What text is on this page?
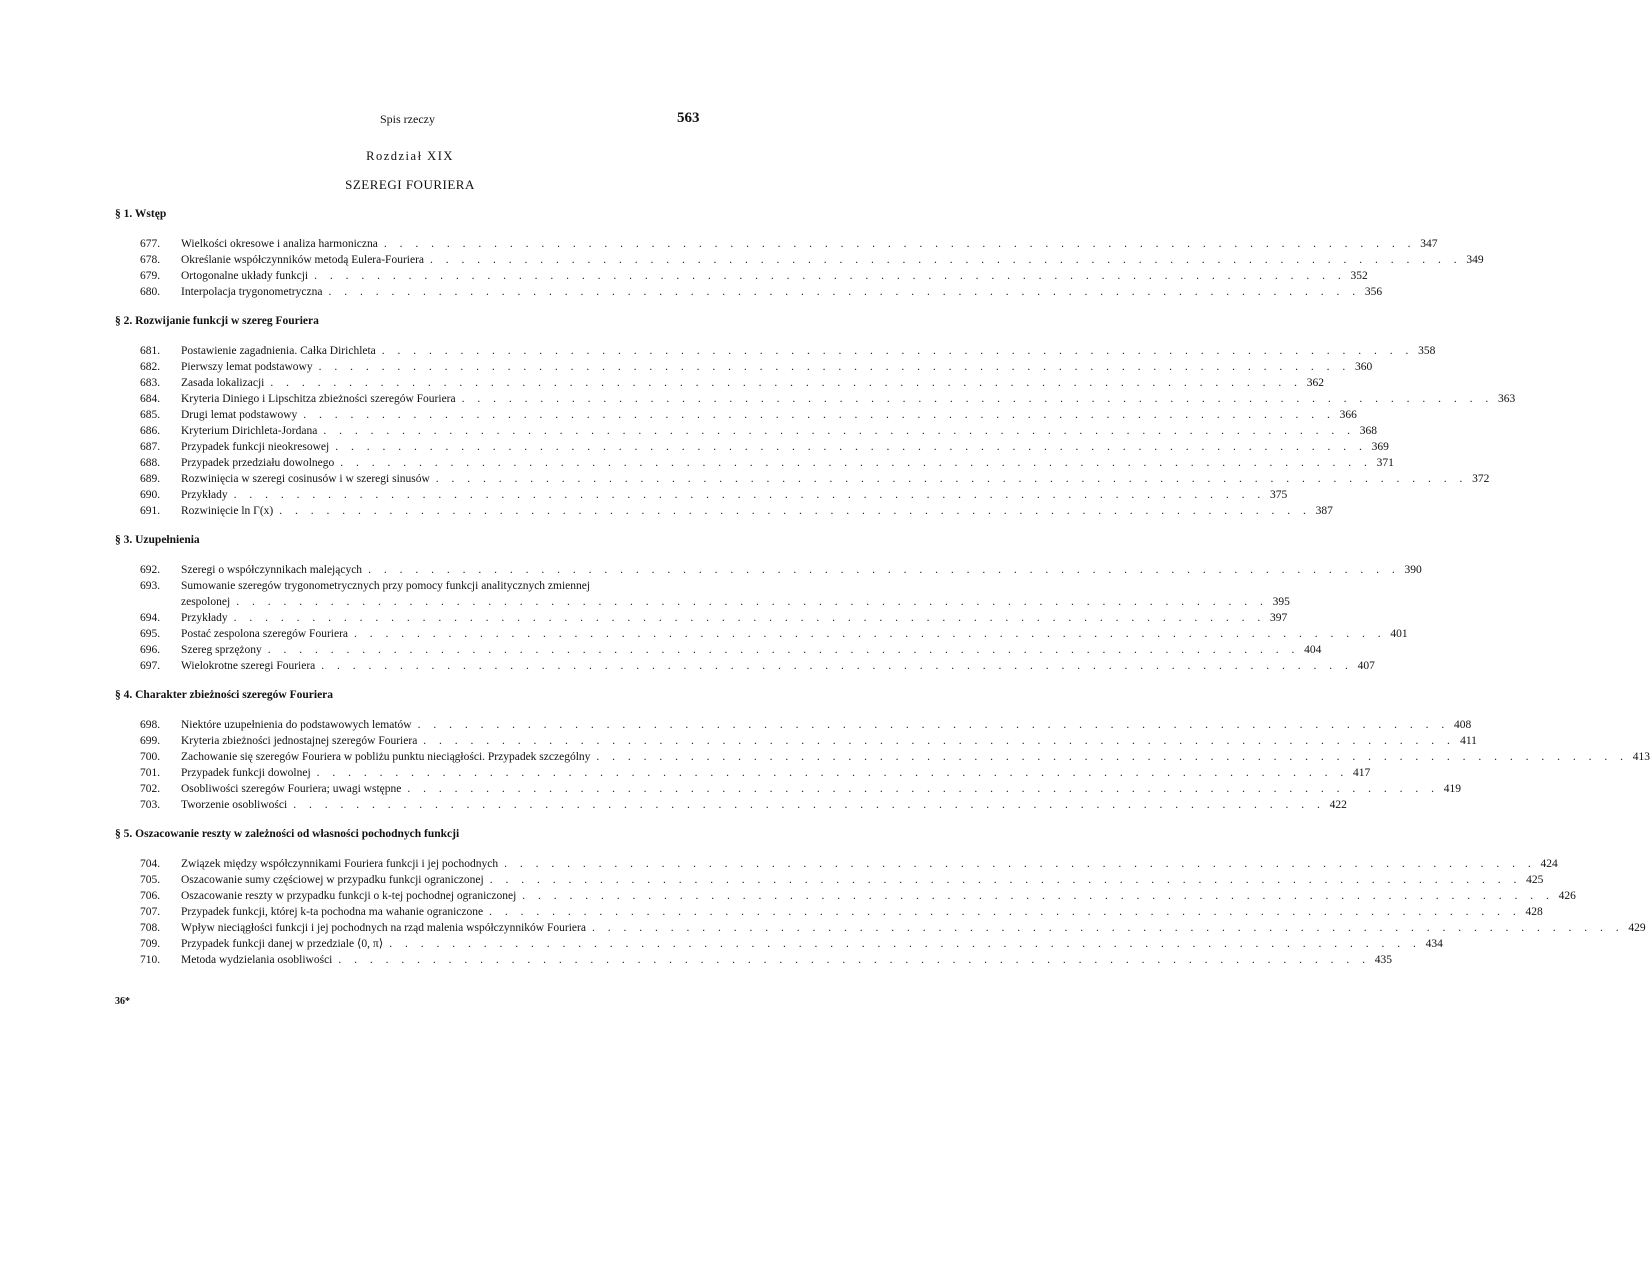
Spis rzeczy	563
Rozdział XIX
SZEREGI FOURIERA
§ 1. Wstęp
677.	Wielkości okresowe i analiza harmoniczna . . .	347
678.	Określanie współczynników metodą Eulera-Fouriera . . .	349
679.	Ortogonalne układy funkcji . . .	352
680.	Interpolacja trygonometryczna . . .	356
§ 2. Rozwijanie funkcji w szereg Fouriera
681.	Postawienie zagadnienia. Całka Dirichleta . . .	358
682.	Pierwszy lemat podstawowy . . .	360
683.	Zasada lokalizacji . . .	362
684.	Kryteria Diniego i Lipschitza zbieżności szeregów Fouriera . . .	363
685.	Drugi lemat podstawowy . . .	366
686.	Kryterium Dirichleta-Jordana . . .	368
687.	Przypadek funkcji nieokresowej . . .	369
688.	Przypadek przedziału dowolnego . . .	371
689.	Rozwinięcia w szeregi cosinusów i w szeregi sinusów . . .	372
690.	Przykłady . . .	375
691.	Rozwinięcie ln Γ(x) . . .	387
§ 3. Uzupełnienia
692.	Szeregi o współczynnikach malejących . . .	390
693.	Sumowanie szeregów trygonometrycznych przy pomocy funkcji analitycznych zmiennej
zespolonej . . .	395
694.	Przykłady . . .	397
695.	Postać zespolona szeregów Fouriera . . .	401
696.	Szereg sprzężony . . .	404
697.	Wielokrotne szeregi Fouriera . . .	407
§ 4. Charakter zbieżności szeregów Fouriera
698.	Niektóre uzupełnienia do podstawowych lematów . . .	408
699.	Kryteria zbieżności jednostajnej szeregów Fouriera . . .	411
700.	Zachowanie się szeregów Fouriera w pobliżu punktu nieciągłości. Przypadek szczególny . . .	413
701.	Przypadek funkcji dowolnej . . .	417
702.	Osobliwości szeregów Fouriera; uwagi wstępne . . .	419
703.	Tworzenie osobliwości . . .	422
§ 5. Oszacowanie reszty w zależności od własności pochodnych funkcji
704.	Związek między współczynnikami Fouriera funkcji i jej pochodnych . . .	424
705.	Oszacowanie sumy częściowej w przypadku funkcji ograniczonej . . .	425
706.	Oszacowanie reszty w przypadku funkcji o k-tej pochodnej ograniczonej . . .	426
707.	Przypadek funkcji, której k-ta pochodna ma wahanie ograniczone . . .	428
708.	Wpływ nieciągłości funkcji i jej pochodnych na rząd malenia współczynników Fouriera . . .	429
709.	Przypadek funkcji danej w przedziale ⟨0, π⟩ . . .	434
710.	Metoda wydzielania osobliwości . . .	435
36*
